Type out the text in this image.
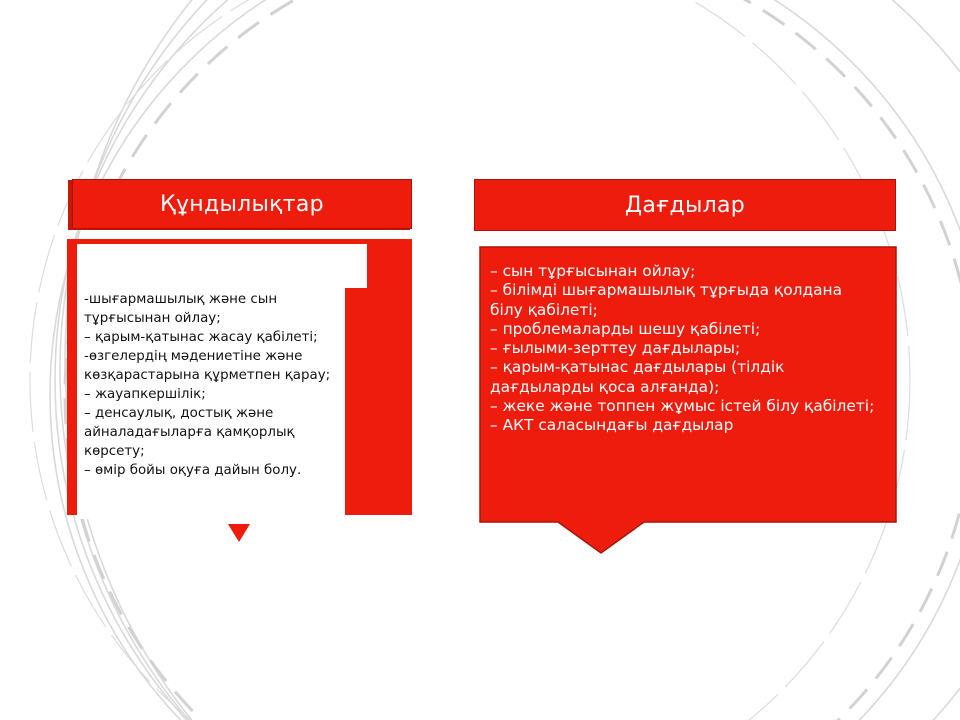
Құндылықтар
-шығармашылық және сын тұрғысынан ойлау;
– қарым-қатынас жасау қабілеті;
-өзгелердің мәдениетіне және көзқарастарына құрметпен қарау;
– жауапкершілік;
– денсаулық, достық және айналадағыларға қамқорлық көрсету;
– өмір бойы оқуға дайын болу.
Дағдылар
– сын тұрғысынан ойлау;
– білімді шығармашылық тұрғыда қолдана
білу қабілеті;
– проблемаларды шешу қабілеті;
– ғылыми-зерттеу дағдылары;
– қарым-қатынас дағдылары (тілдік дағдыларды қоса алғанда);
– жеке және топпен жұмыс істей білу қабілеті;
– АКТ саласындағы дағдылар
